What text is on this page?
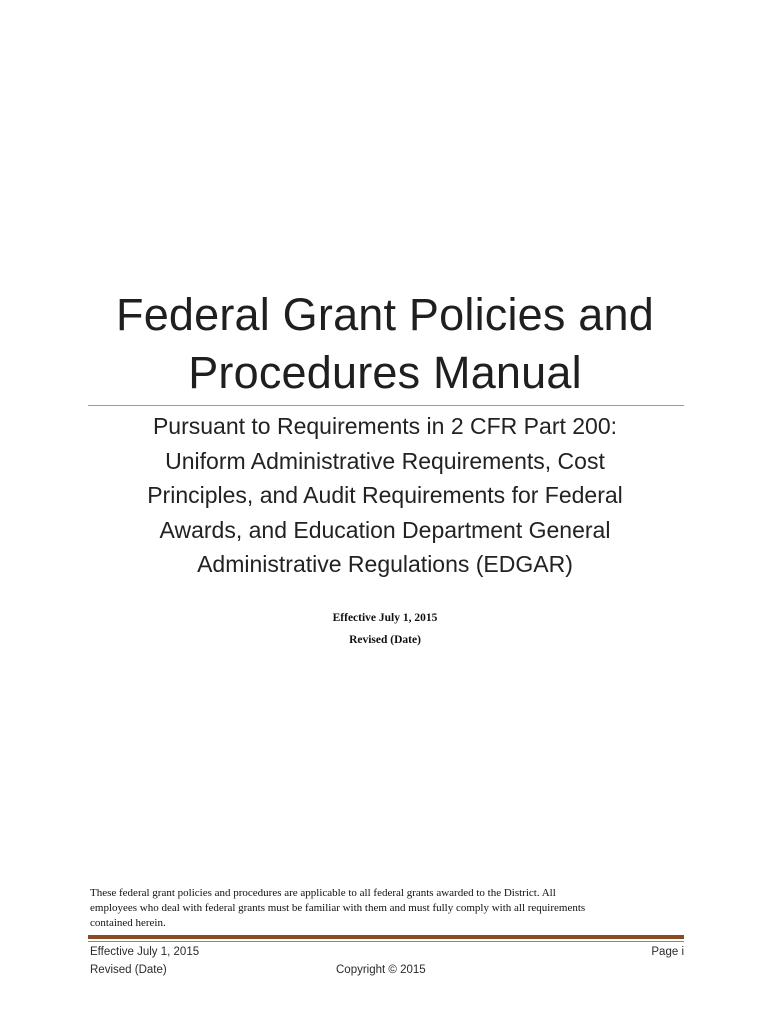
Federal Grant Policies and
Procedures Manual
Pursuant to Requirements in 2 CFR Part 200:
Uniform Administrative Requirements, Cost
Principles, and Audit Requirements for Federal
Awards, and Education Department General
Administrative Regulations (EDGAR)
Effective July 1, 2015
Revised (Date)
These federal grant policies and procedures are applicable to all federal grants awarded to the District. All
employees who deal with federal grants must be familiar with them and must fully comply with all requirements
contained herein.
Effective July 1, 2015
Revised (Date)	Copyright © 2015
Page i
